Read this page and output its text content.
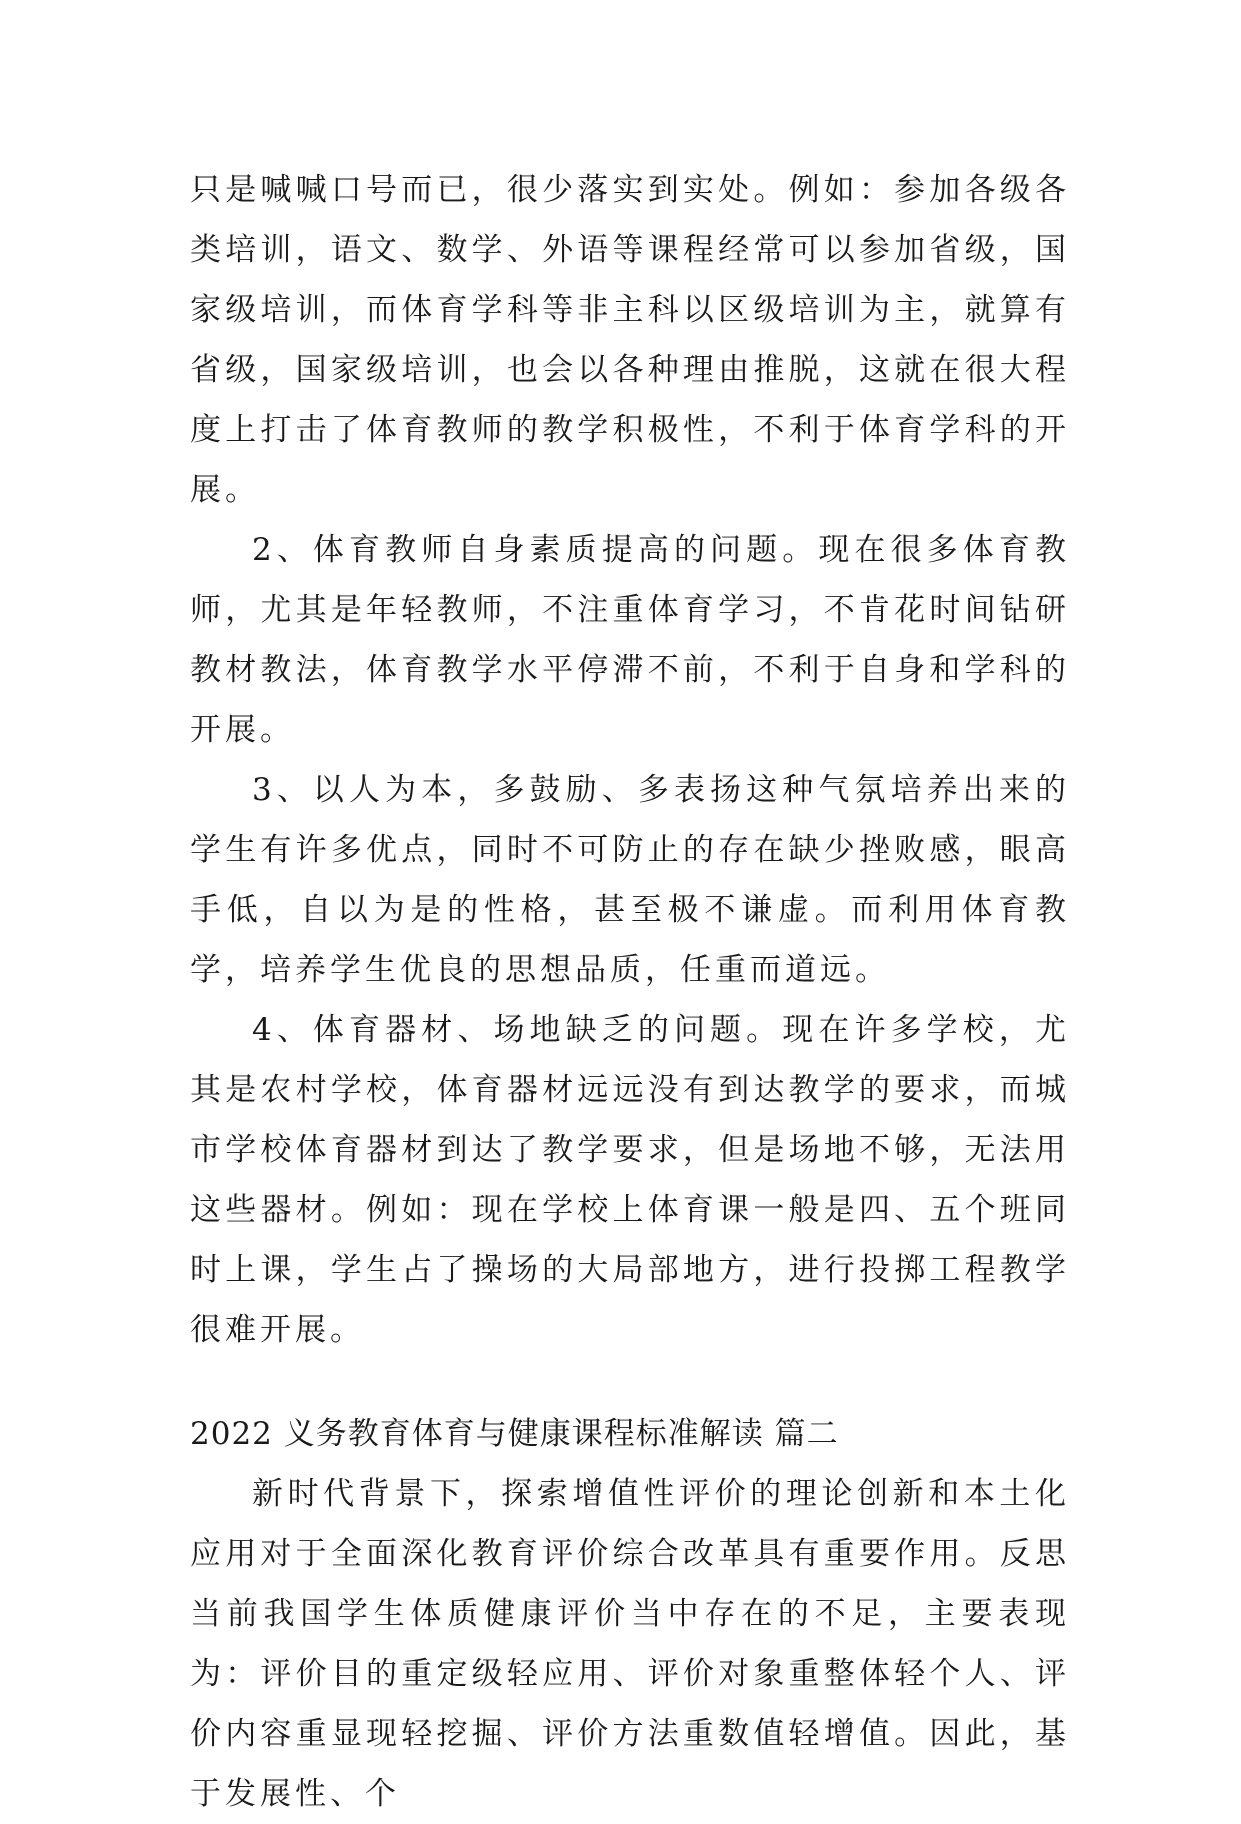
只是喊喊口号而已，很少落实到实处。例如：参加各级各类培训，语文、数学、外语等课程经常可以参加省级，国家级培训，而体育学科等非主科以区级培训为主，就算有省级，国家级培训，也会以各种理由推脱，这就在很大程度上打击了体育教师的教学积极性，不利于体育学科的开展。

2、体育教师自身素质提高的问题。现在很多体育教师，尤其是年轻教师，不注重体育学习，不肯花时间钻研教材教法，体育教学水平停滞不前，不利于自身和学科的开展。

3、以人为本，多鼓励、多表扬这种气氛培养出来的学生有许多优点，同时不可防止的存在缺少挫败感，眼高手低，自以为是的性格，甚至极不谦虚。而利用体育教学，培养学生优良的思想品质，任重而道远。

4、体育器材、场地缺乏的问题。现在许多学校，尤其是农村学校，体育器材远远没有到达教学的要求，而城市学校体育器材到达了教学要求，但是场地不够，无法用这些器材。例如：现在学校上体育课一般是四、五个班同时上课，学生占了操场的大局部地方，进行投掷工程教学很难开展。

2022 义务教育体育与健康课程标准解读 篇二

新时代背景下，探索增值性评价的理论创新和本土化应用对于全面深化教育评价综合改革具有重要作用。反思当前我国学生体质健康评价当中存在的不足，主要表现为：评价目的重定级轻应用、评价对象重整体轻个人、评价内容重显现轻挖掘、评价方法重数值轻增值。因此，基于发展性、个
